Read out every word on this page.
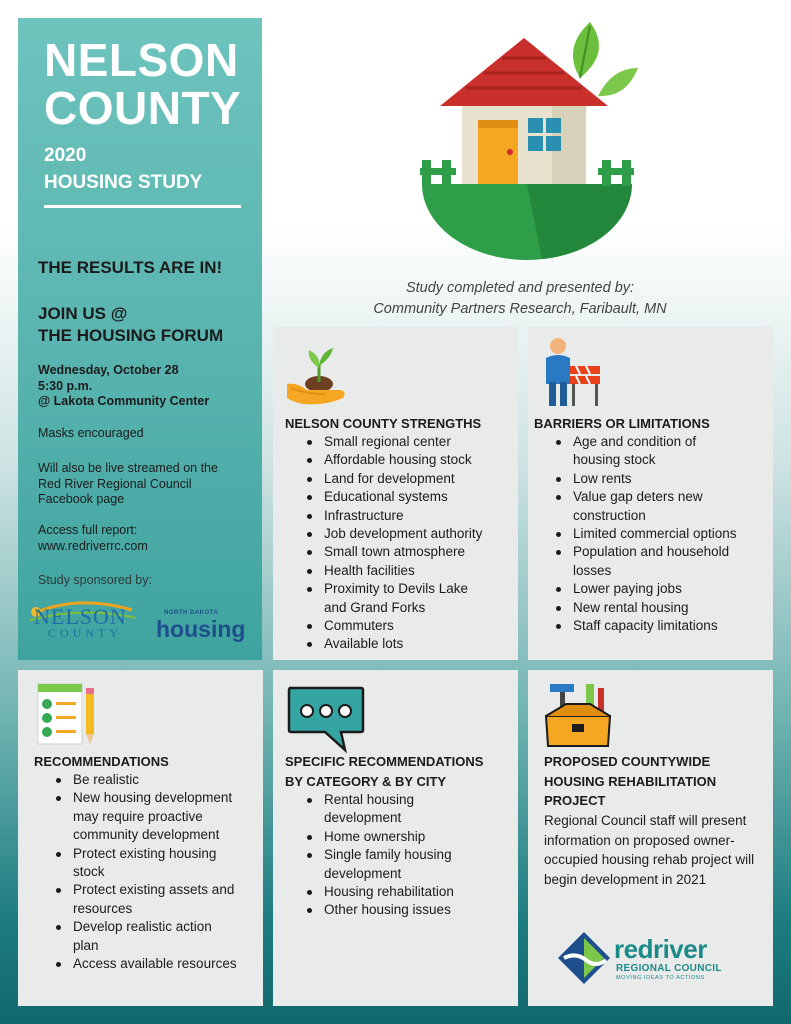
NELSON
COUNTY
2020
HOUSING STUDY
THE RESULTS ARE IN!
JOIN US @
THE HOUSING FORUM
Wednesday, October 28
5:30 p.m.
@ Lakota Community Center
Masks encouraged
Will also be live streamed on the
Red River Regional Council
Facebook page
Access full report:
www.redriverrc.com
Study sponsored by:
NELSON
COUNTY
NORTH DAKOTA
housing
Study completed and presented by:
Community Partners Research, Faribault, MN
NELSON COUNTY STRENGTHS
Small regional center
Affordable housing stock
Land for development
Educational systems
Infrastructure
Job development authority
Small town atmosphere
Health facilities
Proximity to Devils Lake and Grand Forks
Commuters
Available lots
BARRIERS OR LIMITATIONS
Age and condition of housing stock
Low rents
Value gap deters new construction
Limited commercial options
Population and household losses
Lower paying jobs
New rental housing
Staff capacity limitations
RECOMMENDATIONS
Be realistic
New housing development may require proactive community development
Protect existing housing stock
Protect existing assets and resources
Develop realistic action plan
Access available resources
SPECIFIC RECOMMENDATIONS
BY CATEGORY & BY CITY
Rental housing development
Home ownership
Single family housing development
Housing rehabilitation
Other housing issues
PROPOSED COUNTYWIDE
HOUSING REHABILITATION
PROJECT
Regional Council staff will present information on proposed owner-occupied housing rehab project will begin development in 2021
redriver
REGIONAL COUNCIL
MOVING IDEAS TO ACTIONS
